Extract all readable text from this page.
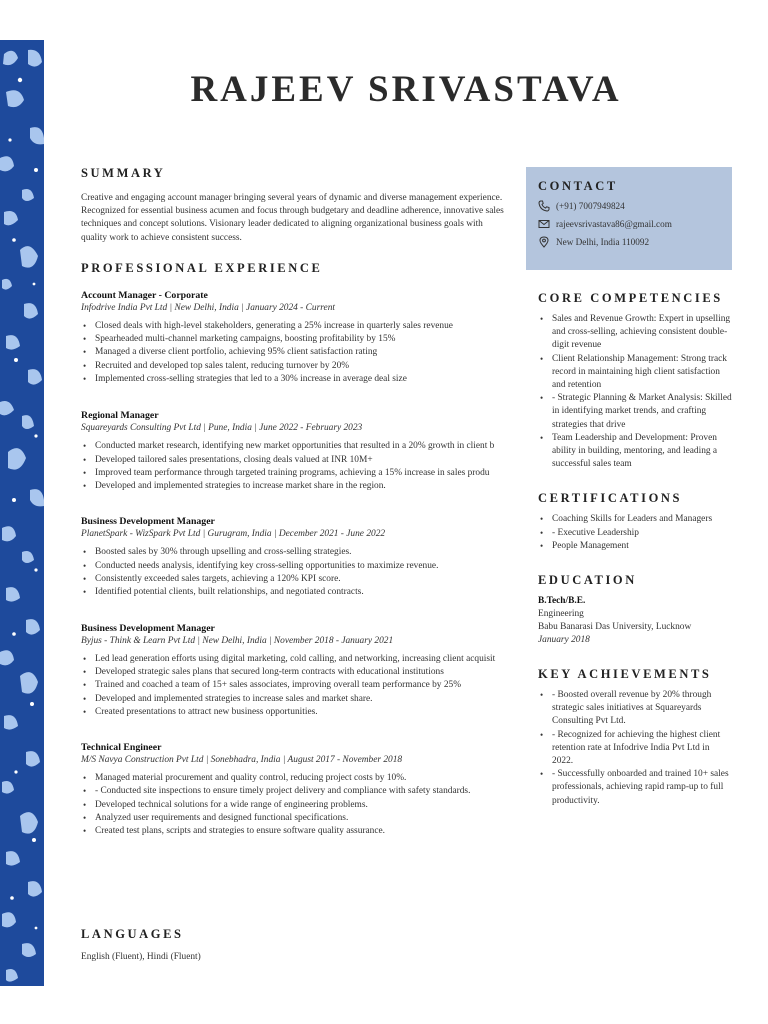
RAJEEV SRIVASTAVA
SUMMARY

Creative and engaging account manager bringing several years of dynamic and diverse management experience. Recognized for essential business acumen and focus through budgetary and deadline adherence, innovative sales techniques and concept solutions. Visionary leader dedicated to aligning organizational business goals with quality work to achieve consistent success.

PROFESSIONAL EXPERIENCE
Account Manager - Corporate
Infodrive India Pvt Ltd | New Delhi, India | January 2024 - Current
• Closed deals with high-level stakeholders, generating a 25% increase in quarterly sales revenue
• Spearheaded multi-channel marketing campaigns, boosting profitability by 15%
• Managed a diverse client portfolio, achieving 95% client satisfaction rating
• Recruited and developed top sales talent, reducing turnover by 20%
• Implemented cross-selling strategies that led to a 30% increase in average deal size
Regional Manager
Squareyards Consulting Pvt Ltd | Pune, India | June 2022 - February 2023
• Conducted market research, identifying new market opportunities that resulted in a 20% growth in client b
• Developed tailored sales presentations, closing deals valued at INR 10M+
• Improved team performance through targeted training programs, achieving a 15% increase in sales produ
• Developed and implemented strategies to increase market share in the region.
Business Development Manager
PlanetSpark - WizSpark Pvt Ltd | Gurugram, India | December 2021 - June 2022
• Boosted sales by 30% through upselling and cross-selling strategies.
• Conducted needs analysis, identifying key cross-selling opportunities to maximize revenue.
• Consistently exceeded sales targets, achieving a 120% KPI score.
• Identified potential clients, built relationships, and negotiated contracts.
Business Development Manager
Byjus - Think & Learn Pvt Ltd | New Delhi, India | November 2018 - January 2021
• Led lead generation efforts using digital marketing, cold calling, and networking, increasing client acquisit
• Developed strategic sales plans that secured long-term contracts with educational institutions
• Trained and coached a team of 15+ sales associates, improving overall team performance by 25%
• Developed and implemented strategies to increase sales and market share.
• Created presentations to attract new business opportunities.
Technical Engineer
M/S Navya Construction Pvt Ltd | Sonebhadra, India | August 2017 - November 2018
• Managed material procurement and quality control, reducing project costs by 10%.
• - Conducted site inspections to ensure timely project delivery and compliance with safety standards.
• Developed technical solutions for a wide range of engineering problems.
• Analyzed user requirements and designed functional specifications.
• Created test plans, scripts and strategies to ensure software quality assurance.
LANGUAGES
English (Fluent), Hindi (Fluent)
CONTACT
(+91) 7007949824
rajeevsrivastava86@gmail.com
New Delhi, India 110092
CORE COMPETENCIES
• Sales and Revenue Growth: Expert in upselling and cross-selling, achieving consistent double-digit revenue
• Client Relationship Management: Strong track record in maintaining high client satisfaction and retention
• - Strategic Planning & Market Analysis: Skilled in identifying market trends, and crafting strategies that drive
• Team Leadership and Development: Proven ability in building, mentoring, and leading a successful sales team
CERTIFICATIONS
• Coaching Skills for Leaders and Managers
• - Executive Leadership
• People Management
EDUCATION
B.Tech/B.E.
Engineering
Babu Banarasi Das University, Lucknow
January 2018
KEY ACHIEVEMENTS
• - Boosted overall revenue by 20% through strategic sales initiatives at Squareyards Consulting Pvt Ltd.
• - Recognized for achieving the highest client retention rate at Infodrive India Pvt Ltd in 2022.
• - Successfully onboarded and trained 10+ sales professionals, achieving rapid ramp-up to full productivity.
